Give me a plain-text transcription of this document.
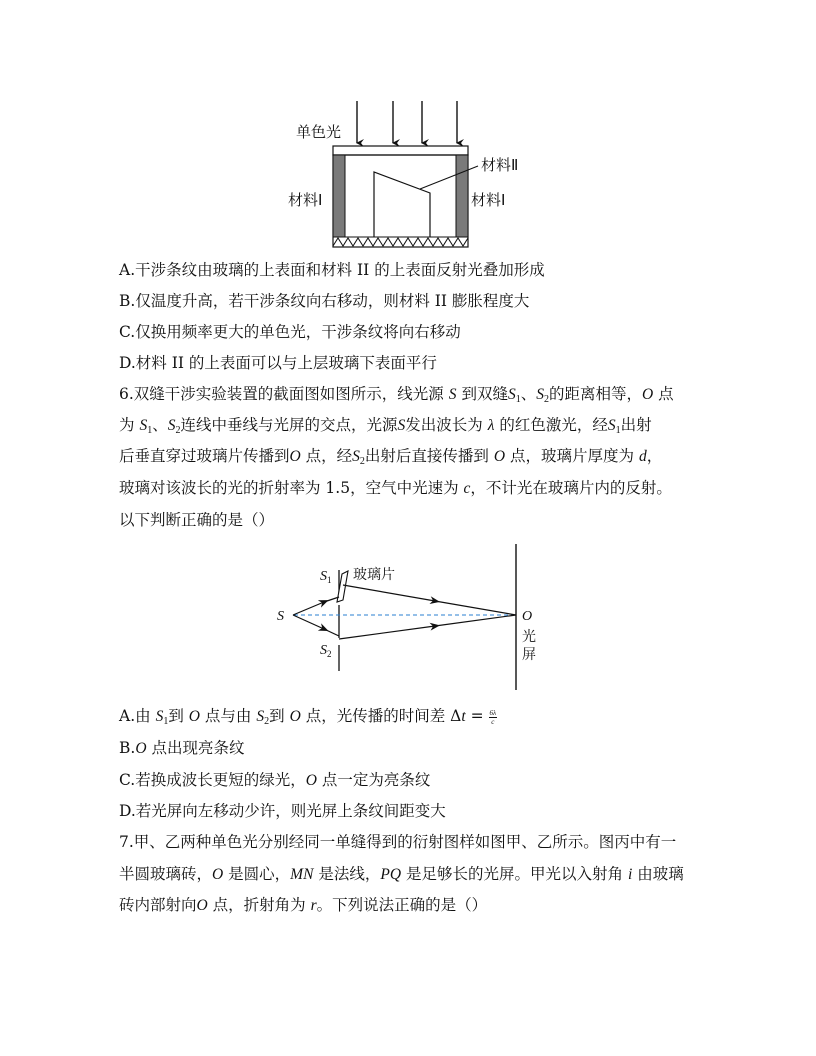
单色光
材料Ⅰ	材料Ⅰ
材料Ⅱ
A.干涉条纹由玻璃的上表面和材料 II 的上表面反射光叠加形成
B.仅温度升高，若干涉条纹向右移动，则材料 II 膨胀程度大
C.仅换用频率更大的单色光，干涉条纹将向右移动
D.材料 II 的上表面可以与上层玻璃下表面平行
6.双缝干涉实验装置的截面图如图所示，线光源 S 到双缝$S_1$、$S_2$的距离相等，O 点
为 $S_1$、$S_2$连线中垂线与光屏的交点，光源S发出波长为 λ 的红色激光，经$S_1$出射
后垂直穿过玻璃片传播到O 点，经$S_2$出射后直接传播到 O 点，玻璃片厚度为 d，
玻璃对该波长的光的折射率为 1.5，空气中光速为 c，不计光在玻璃片内的反射。
以下判断正确的是（）
S
$S_1$
$S_2$
玻璃片
O
光
屏
A.由 $S_1$到 O 点与由 $S_2$到 O 点，光传播的时间差 $\Delta t = \frac{6\lambda}{c}$
B.O 点出现亮条纹
C.若换成波长更短的绿光，O 点一定为亮条纹
D.若光屏向左移动少许，则光屏上条纹间距变大
7.甲、乙两种单色光分别经同一单缝得到的衍射图样如图甲、乙所示。图丙中有一
半圆玻璃砖，O 是圆心，MN 是法线，PQ 是足够长的光屏。甲光以入射角 i 由玻璃
砖内部射向O 点，折射角为 r。下列说法正确的是（）
